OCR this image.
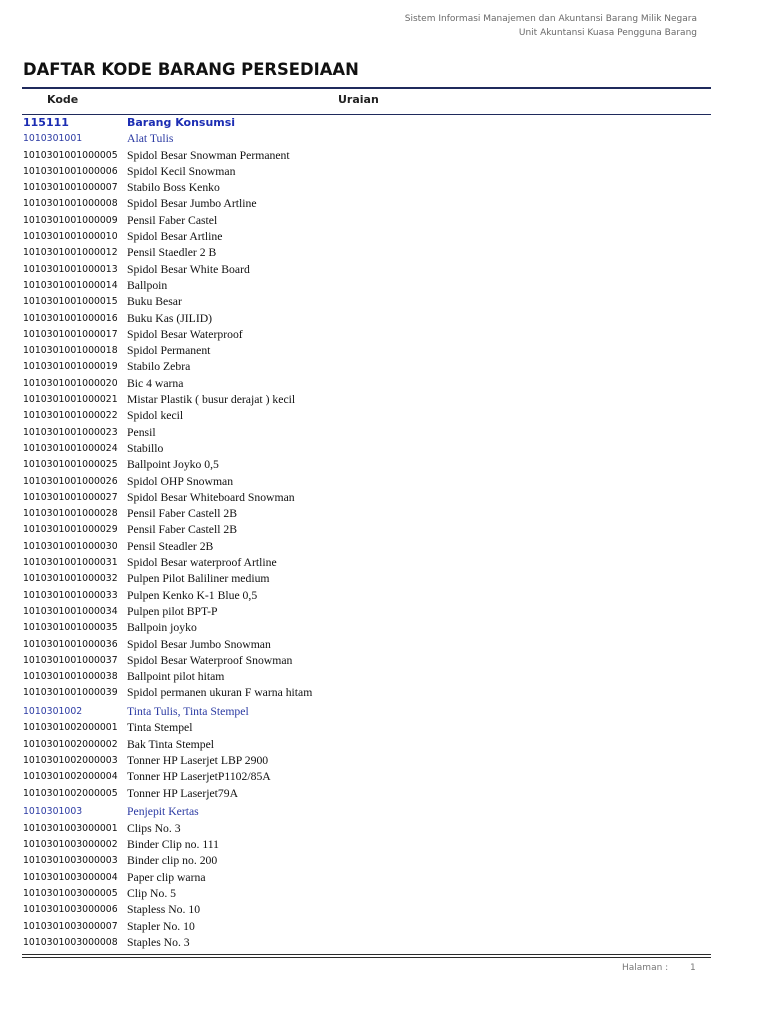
Sistem Informasi Manajemen dan Akuntansi Barang Milik Negara
Unit Akuntansi Kuasa Pengguna Barang
DAFTAR KODE BARANG PERSEDIAAN
Kode	Uraian
115111	Barang Konsumsi
1010301001	Alat Tulis
1010301001000005 Spidol Besar Snowman Permanent
1010301001000006 Spidol Kecil Snowman
1010301001000007 Stabilo Boss Kenko
1010301001000008 Spidol Besar Jumbo Artline
1010301001000009 Pensil Faber Castel
1010301001000010 Spidol Besar Artline
1010301001000012 Pensil Staedler 2 B
1010301001000013 Spidol Besar White Board
1010301001000014 Ballpoin
1010301001000015 Buku Besar
1010301001000016 Buku Kas (JILID)
1010301001000017 Spidol Besar Waterproof
1010301001000018 Spidol Permanent
1010301001000019 Stabilo Zebra
1010301001000020 Bic 4 warna
1010301001000021 Mistar Plastik ( busur derajat ) kecil
1010301001000022 Spidol kecil
1010301001000023 Pensil
1010301001000024 Stabillo
1010301001000025 Ballpoint Joyko 0,5
1010301001000026 Spidol OHP Snowman
1010301001000027 Spidol Besar Whiteboard Snowman
1010301001000028 Pensil Faber Castell 2B
1010301001000029 Pensil Faber Castell 2B
1010301001000030 Pensil Steadler 2B
1010301001000031 Spidol Besar waterproof Artline
1010301001000032 Pulpen Pilot Baliliner medium
1010301001000033 Pulpen Kenko K-1 Blue 0,5
1010301001000034 Pulpen pilot BPT-P
1010301001000035 Ballpoin joyko
1010301001000036 Spidol Besar Jumbo Snowman
1010301001000037 Spidol Besar Waterproof Snowman
1010301001000038 Ballpoint pilot hitam
1010301001000039 Spidol permanen ukuran F warna hitam
1010301002	Tinta Tulis, Tinta Stempel
1010301002000001 Tinta Stempel
1010301002000002 Bak Tinta Stempel
1010301002000003 Tonner HP Laserjet LBP 2900
1010301002000004 Tonner HP LaserjetP1102/85A
1010301002000005 Tonner HP Laserjet79A
1010301003	Penjepit Kertas
1010301003000001 Clips No. 3
1010301003000002 Binder Clip no. 111
1010301003000003 Binder clip no. 200
1010301003000004 Paper clip warna
1010301003000005 Clip No. 5
1010301003000006 Stapless No. 10
1010301003000007 Stapler No. 10
1010301003000008 Staples No. 3
Halaman : 1
